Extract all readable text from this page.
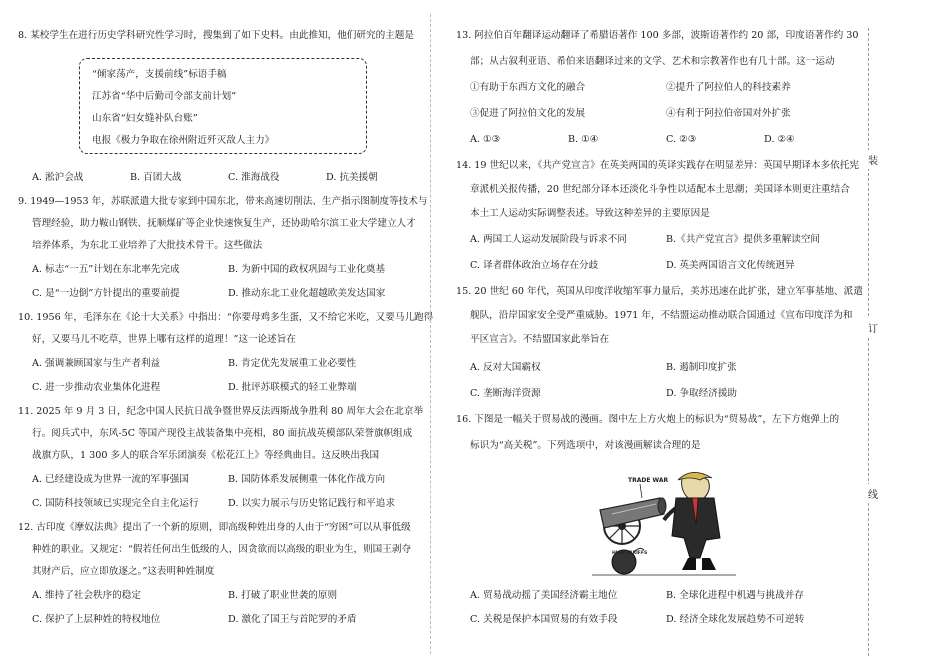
8. 某校学生在进行历史学科研究性学习时，搜集到了如下史料。由此推知，他们研究的主题是
“倾家荡产，支援前线”标语手稿
江苏省“华中后勤司令部支前计划”
山东省“妇女缝补队台账”
电报《极力争取在徐州附近歼灭敌人主力》
A. 淞沪会战	B. 百团大战	C. 淮海战役	D. 抗美援朝
9. 1949—1953 年，苏联派遣大批专家到中国东北，带来高速切削法、生产指示图制度等技术与
管理经验，助力鞍山钢铁、抚顺煤矿等企业快速恢复生产，还协助哈尔滨工业大学建立人才
培养体系，为东北工业培养了大批技术骨干。这些做法
A. 标志“一五”计划在东北率先完成	B. 为新中国的政权巩固与工业化奠基
C. 是“一边倒”方针提出的重要前提	D. 推动东北工业化超越欧美发达国家
10. 1956 年，毛泽东在《论十大关系》中指出：“你要母鸡多生蛋，又不给它米吃，又要马儿跑得
好，又要马儿不吃草，世界上哪有这样的道理！”这一论述旨在
A. 强调兼顾国家与生产者利益	B. 肯定优先发展重工业必要性
C. 进一步推动农业集体化进程	D. 批评苏联模式的轻工业弊端
11. 2025 年 9 月 3 日，纪念中国人民抗日战争暨世界反法西斯战争胜利 80 周年大会在北京举
行。阅兵式中，东风-5C 等国产现役主战装备集中亮相，80 面抗战英模部队荣誉旗帜组成
战旗方队，1 300 多人的联合军乐团演奏《松花江上》等经典曲目。这反映出我国
A. 已经建设成为世界一流的军事强国	B. 国防体系发展侧重一体化作战方向
C. 国防科技领域已实现完全自主化运行	D. 以实力展示与历史铭记践行和平追求
12. 古印度《摩奴法典》提出了一个新的原则，即高级种姓出身的人由于“穷困”可以从事低级
种姓的职业。又规定：“假若任何出生低级的人，因贪欲而以高级的职业为生，则国王剥夺
其财产后，应立即放逐之。”这表明种姓制度
A. 维持了社会秩序的稳定	B. 打破了职业世袭的原则
C. 保护了上层种姓的特权地位	D. 激化了国王与首陀罗的矛盾
13. 阿拉伯百年翻译运动翻译了希腊语著作 100 多部，波斯语著作约 20 部，印度语著作约 30
部；从古叙利亚语、希伯来语翻译过来的文学、艺术和宗教著作也有几十部。这一运动
①有助于东西方文化的融合	②提升了阿拉伯人的科技素养
③促进了阿拉伯文化的发展	④有利于阿拉伯帝国对外扩张
A. ①③	B. ①④	C. ②③	D. ②④
14. 19 世纪以来，《共产党宣言》在英美两国的英译实践存在明显差异：英国早期译本多依托宪
章派机关报传播，20 世纪部分译本还淡化斗争性以适配本土思潮；美国译本则更注重结合
本土工人运动实际调整表述。导致这种差异的主要原因是
A. 两国工人运动发展阶段与诉求不同	B.《共产党宣言》提供多重解读空间
C. 译者群体政治立场存在分歧	D. 英美两国语言文化传统迥异
15. 20 世纪 60 年代，英国从印度洋收缩军事力量后，美苏迅速在此扩张，建立军事基地、派遣
舰队，沿岸国家安全受严重威胁。1971 年，不结盟运动推动联合国通过《宣布印度洋为和
平区宣言》。不结盟国家此举旨在
A. 反对大国霸权	B. 遏制印度扩张
C. 垄断海洋资源	D. 争取经济援助
16. 下图是一幅关于贸易战的漫画。图中左上方火炮上的标识为“贸易战”，左下方炮弹上的
标识为“高关税”。下列选项中，对该漫画解读合理的是
A. 贸易战动摇了美国经济霸主地位	B. 全球化进程中机遇与挑战并存
C. 关税是保护本国贸易的有效手段	D. 经济全球化发展趋势不可逆转
TRADE WAR
HIGH TARIFFS
装
订
线
